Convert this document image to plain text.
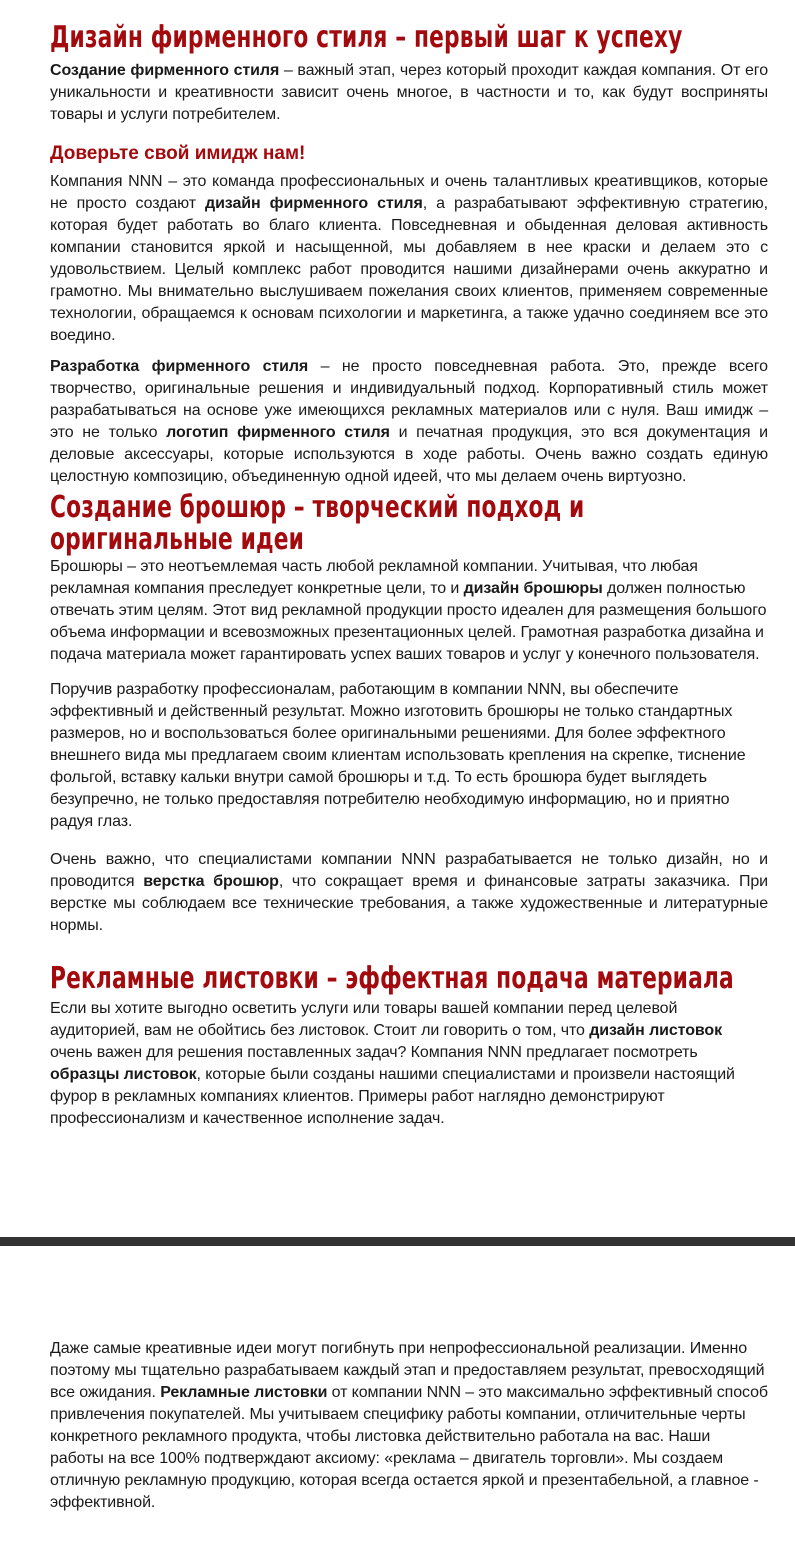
Дизайн фирменного стиля – первый шаг к успеху

Создание фирменного стиля – важный этап, через который проходит каждая компания. От его уникальности и креативности зависит очень многое, в частности и то, как будут восприняты товары и услуги потребителем.

Доверьте свой имидж нам!

Компания NNN – это команда профессиональных и очень талантливых креативщиков, которые не просто создают дизайн фирменного стиля, а разрабатывают эффективную стратегию, которая будет работать во благо клиента. Повседневная и обыденная деловая активность компании становится яркой и насыщенной, мы добавляем в нее краски и делаем это с удовольствием. Целый комплекс работ проводится нашими дизайнерами очень аккуратно и грамотно. Мы внимательно выслушиваем пожелания своих клиентов, применяем современные технологии, обращаемся к основам психологии и маркетинга, а также удачно соединяем все это воедино.

Разработка фирменного стиля – не просто повседневная работа. Это, прежде всего творчество, оригинальные решения и индивидуальный подход. Корпоративный стиль может разрабатываться на основе уже имеющихся рекламных материалов или с нуля. Ваш имидж – это не только логотип фирменного стиля и печатная продукция, это вся документация и деловые аксессуары, которые используются в ходе работы. Очень важно создать единую целостную композицию, объединенную одной идеей, что мы делаем очень виртуозно.

Создание брошюр – творческий подход и оригинальные идеи

Брошюры – это неотъемлемая часть любой рекламной компании. Учитывая, что любая рекламная компания преследует конкретные цели, то и дизайн брошюры должен полностью отвечать этим целям. Этот вид рекламной продукции просто идеален для размещения большого объема информации и всевозможных презентационных целей. Грамотная разработка дизайна и подача материала может гарантировать успех ваших товаров и услуг у конечного пользователя.

Поручив разработку профессионалам, работающим в компании NNN, вы обеспечите эффективный и действенный результат. Можно изготовить брошюры не только стандартных размеров, но и воспользоваться более оригинальными решениями. Для более эффектного внешнего вида мы предлагаем своим клиентам использовать крепления на скрепке, тиснение фольгой, вставку кальки внутри самой брошюры и т.д. То есть брошюра будет выглядеть безупречно, не только предоставляя потребителю необходимую информацию, но и приятно радуя глаз.

Очень важно, что специалистами компании NNN разрабатывается не только дизайн, но и проводится верстка брошюр, что сокращает время и финансовые затраты заказчика. При верстке мы соблюдаем все технические требования, а также художественные и литературные нормы.

Рекламные листовки – эффектная подача материала

Если вы хотите выгодно осветить услуги или товары вашей компании перед целевой аудиторией, вам не обойтись без листовок. Стоит ли говорить о том, что дизайн листовок очень важен для решения поставленных задач? Компания NNN предлагает посмотреть образцы листовок, которые были созданы нашими специалистами и произвели настоящий фурор в рекламных компаниях клиентов. Примеры работ наглядно демонстрируют профессионализм и качественное исполнение задач.

Даже самые креативные идеи могут погибнуть при непрофессиональной реализации. Именно поэтому мы тщательно разрабатываем каждый этап и предоставляем результат, превосходящий все ожидания. Рекламные листовки от компании NNN – это максимально эффективный способ привлечения покупателей. Мы учитываем специфику работы компании, отличительные черты конкретного рекламного продукта, чтобы листовка действительно работала на вас. Наши работы на все 100% подтверждают аксиому: «реклама – двигатель торговли». Мы создаем отличную рекламную продукцию, которая всегда остается яркой и презентабельной, а главное - эффективной.
